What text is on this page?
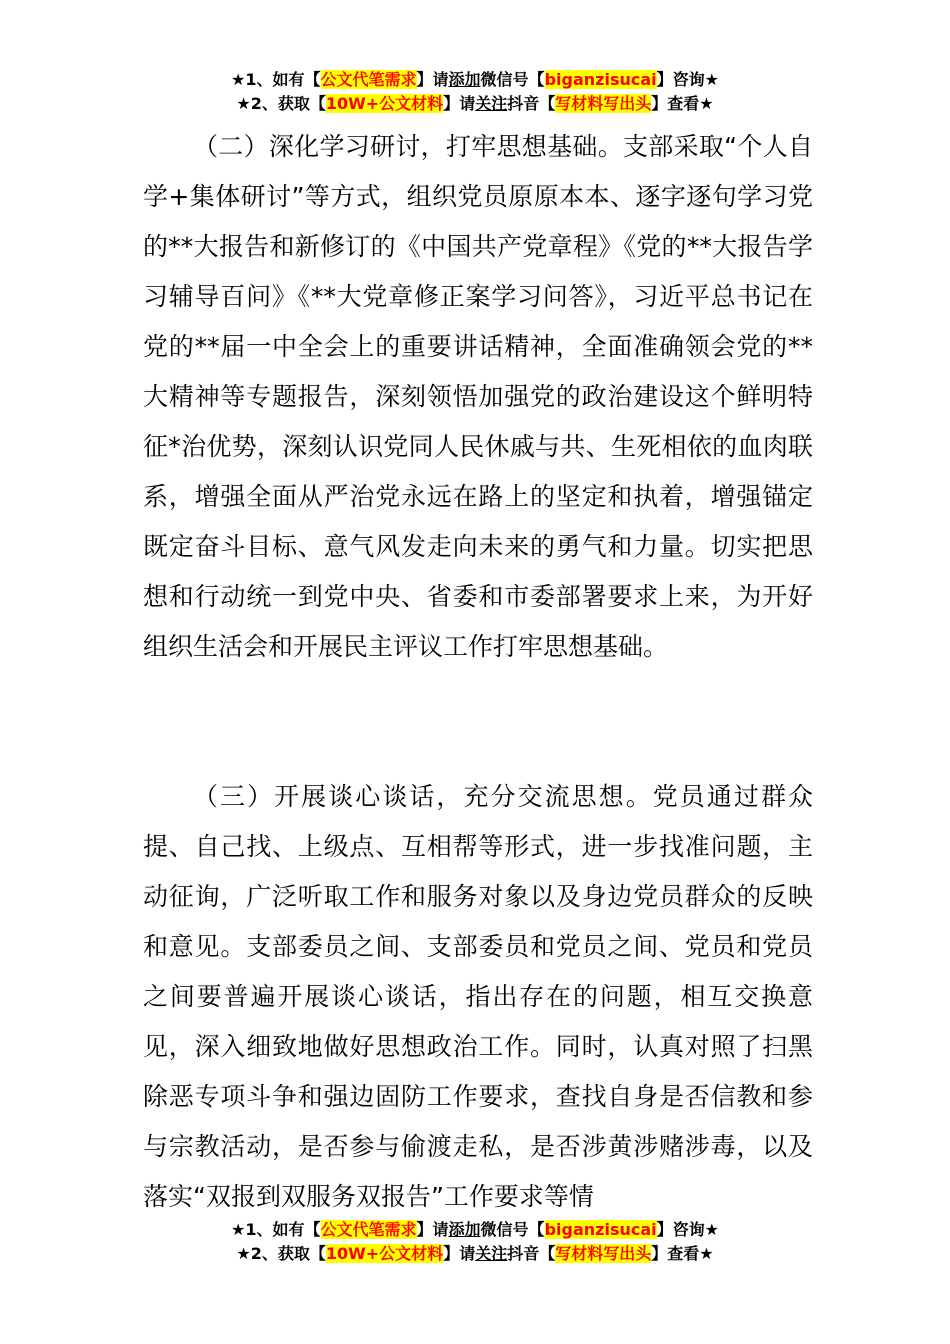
★1、如有【公文代笔需求】请添加微信号【biganzisucai】咨询★
★2、获取【10W+公文材料】请关注抖音【写材料写出头】查看★

（二）深化学习研讨，打牢思想基础。支部采取“个人自学+集体研讨”等方式，组织党员原原本本、逐字逐句学习党的**大报告和新修订的《中国共产党章程》《党的**大报告学习辅导百问》《**大党章修正案学习问答》，习近平总书记在党的**届一中全会上的重要讲话精神，全面准确领会党的**大精神等专题报告，深刻领悟加强党的政治建设这个鲜明特征*治优势，深刻认识党同人民休戚与共、生死相依的血肉联系，增强全面从严治党永远在路上的坚定和执着，增强锚定既定奋斗目标、意气风发走向未来的勇气和力量。切实把思想和行动统一到党中央、省委和市委部署要求上来，为开好组织生活会和开展民主评议工作打牢思想基础。

（三）开展谈心谈话，充分交流思想。党员通过群众提、自己找、上级点、互相帮等形式，进一步找准问题，主动征询，广泛听取工作和服务对象以及身边党员群众的反映和意见。支部委员之间、支部委员和党员之间、党员和党员之间要普遍开展谈心谈话，指出存在的问题，相互交换意见，深入细致地做好思想政治工作。同时，认真对照了扫黑除恶专项斗争和强边固防工作要求，查找自身是否信教和参与宗教活动，是否参与偷渡走私，是否涉黄涉赌涉毒，以及落实“双报到双服务双报告”工作要求等情

★1、如有【公文代笔需求】请添加微信号【biganzisucai】咨询★
★2、获取【10W+公文材料】请关注抖音【写材料写出头】查看★
